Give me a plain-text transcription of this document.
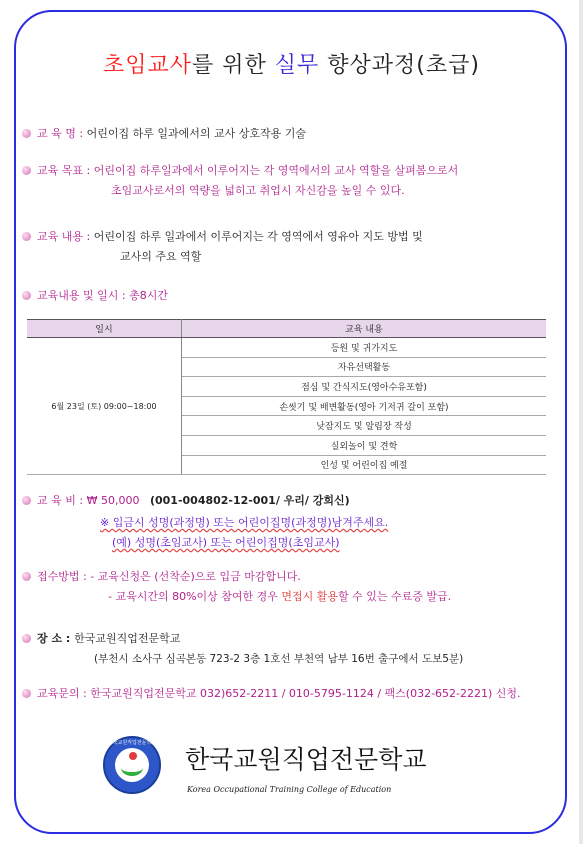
초임교사를 위한 실무 향상과정(초급)
교 육 명 : 어린이집 하루 일과에서의 교사 상호작용 기술
교육 목표 : 어린이집 하루일과에서 이루어지는 각 영역에서의 교사 역할을 살펴봄으로서
초임교사로서의 역량을 넓히고 취업시 자신감을 높일 수 있다.
교육 내용 : 어린이집 하루 일과에서 이루어지는 각 영역에서 영유아 지도 방법 및
교사의 주요 역할
교육내용 및 일시 : 총8시간
일시	교육 내용
6월 23일 (토) 09:00~18:00	등원 및 귀가지도
	자유선택활동
	점심 및 간식지도(영아수유포함)
	손씻기 및 배변활동(영아 기저귀 갈이 포함)
	낮잠지도 및 알림장 작성
	실외놀이 및 견학
	인성 및 어린이집 예절
교 육 비 : ₩ 50,000 (001-004802-12-001/ 우리/ 강희신)
※ 입금시 성명(과정명) 또는 어린이집명(과정명)남겨주세요.
(예) 성명(초임교사) 또는 어린이집명(초임교사)
접수방법 : - 교육신청은 (선착순)으로 입금 마감합니다.
- 교육시간의 80%이상 참여한 경우 면접시 활용할 수 있는 수료증 발급.
장 소 : 한국교원직업전문학교
(부천시 소사구 심곡본동 723-2 3층 1호선 부천역 남부 16번 출구에서 도보5분)
교육문의 : 한국교원직업전문학교 032)652-2211 / 010-5795-1124 / 팩스(032-652-2221) 신청.
한국교원직업전문학교
한국교원직업전문학교
Korea Occupational Training College of Education
